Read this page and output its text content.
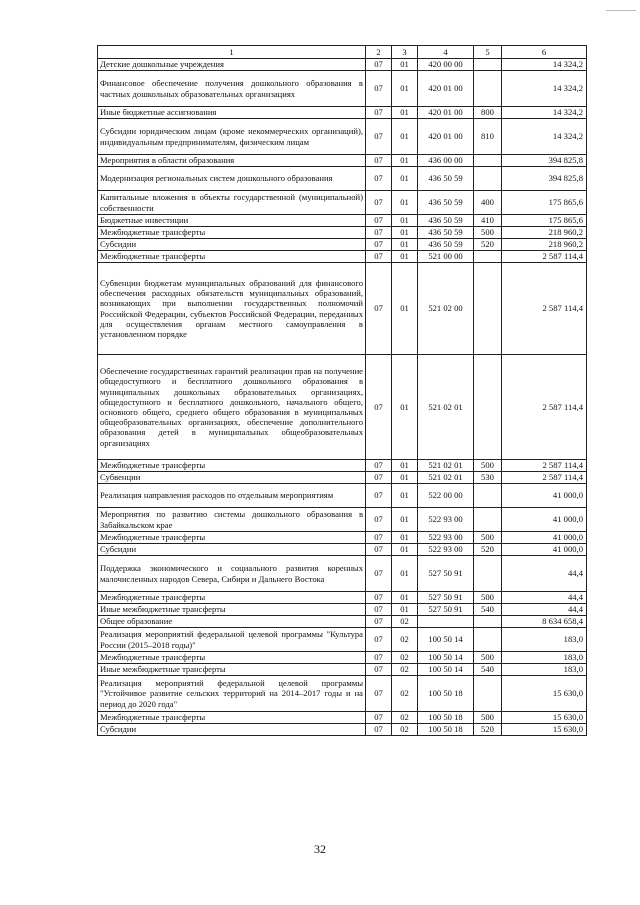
1	2	3	4	5	6
Детские дошкольные учреждения	07	01	420 00 00		14 324,2
Финансовое обеспечение получения дошкольного образования в частных дошкольных образовательных организациях	07	01	420 01 00		14 324,2
Иные бюджетные ассигнования	07	01	420 01 00	800	14 324,2
Субсидии юридическим лицам (кроме некоммерческих организаций), индивидуальным предпринимателям, физическим лицам	07	01	420 01 00	810	14 324,2
Мероприятия в области образования	07	01	436 00 00		394 825,8
Модернизация региональных систем дошкольного образования	07	01	436 50 59		394 825,8
Капитальные вложения в объекты государственной (муниципальной) собственности	07	01	436 50 59	400	175 865,6
Бюджетные инвестиции	07	01	436 50 59	410	175 865,6
Межбюджетные трансферты	07	01	436 50 59	500	218 960,2
Субсидии	07	01	436 50 59	520	218 960,2
Межбюджетные трансферты	07	01	521 00 00		2 587 114,4
Субвенции бюджетам муниципальных образований для финансового обеспечения расходных обязательств муниципальных образований, возникающих при выполнении государственных полномочий Российской Федерации, субъектов Российской Федерации, переданных для осуществления органам местного самоуправления в установленном порядке	07	01	521 02 00		2 587 114,4
Обеспечение государственных гарантий реализации прав на получение общедоступного и бесплатного дошкольного образования в муниципальных дошкольных образовательных организациях, общедоступного и бесплатного дошкольного, начального общего, основного общего, среднего общего образования в муниципальных общеобразовательных организациях, обеспечение дополнительного образования детей в муниципальных общеобразовательных организациях	07	01	521 02 01		2 587 114,4
Межбюджетные трансферты	07	01	521 02 01	500	2 587 114,4
Субвенции	07	01	521 02 01	530	2 587 114,4
Реализация направления расходов по отдельным мероприятиям	07	01	522 00 00		41 000,0
Мероприятия по развитию системы дошкольного образования в Забайкальском крае	07	01	522 93 00		41 000,0
Межбюджетные трансферты	07	01	522 93 00	500	41 000,0
Субсидии	07	01	522 93 00	520	41 000,0
Поддержка экономического и социального развития коренных малочисленных народов Севера, Сибири и Дальнего Востока	07	01	527 50 91		44,4
Межбюджетные трансферты	07	01	527 50 91	500	44,4
Иные межбюджетные трансферты	07	01	527 50 91	540	44,4
Общее образование	07	02			8 634 658,4
Реализация мероприятий федеральной целевой программы "Культура России (2015–2018 годы)"	07	02	100 50 14		183,0
Межбюджетные трансферты	07	02	100 50 14	500	183,0
Иные межбюджетные трансферты	07	02	100 50 14	540	183,0
Реализация мероприятий федеральной целевой программы "Устойчивое развитие сельских территорий на 2014–2017 годы и на период до 2020 года"	07	02	100 50 18		15 630,0
Межбюджетные трансферты	07	02	100 50 18	500	15 630,0
Субсидии	07	02	100 50 18	520	15 630,0
32
